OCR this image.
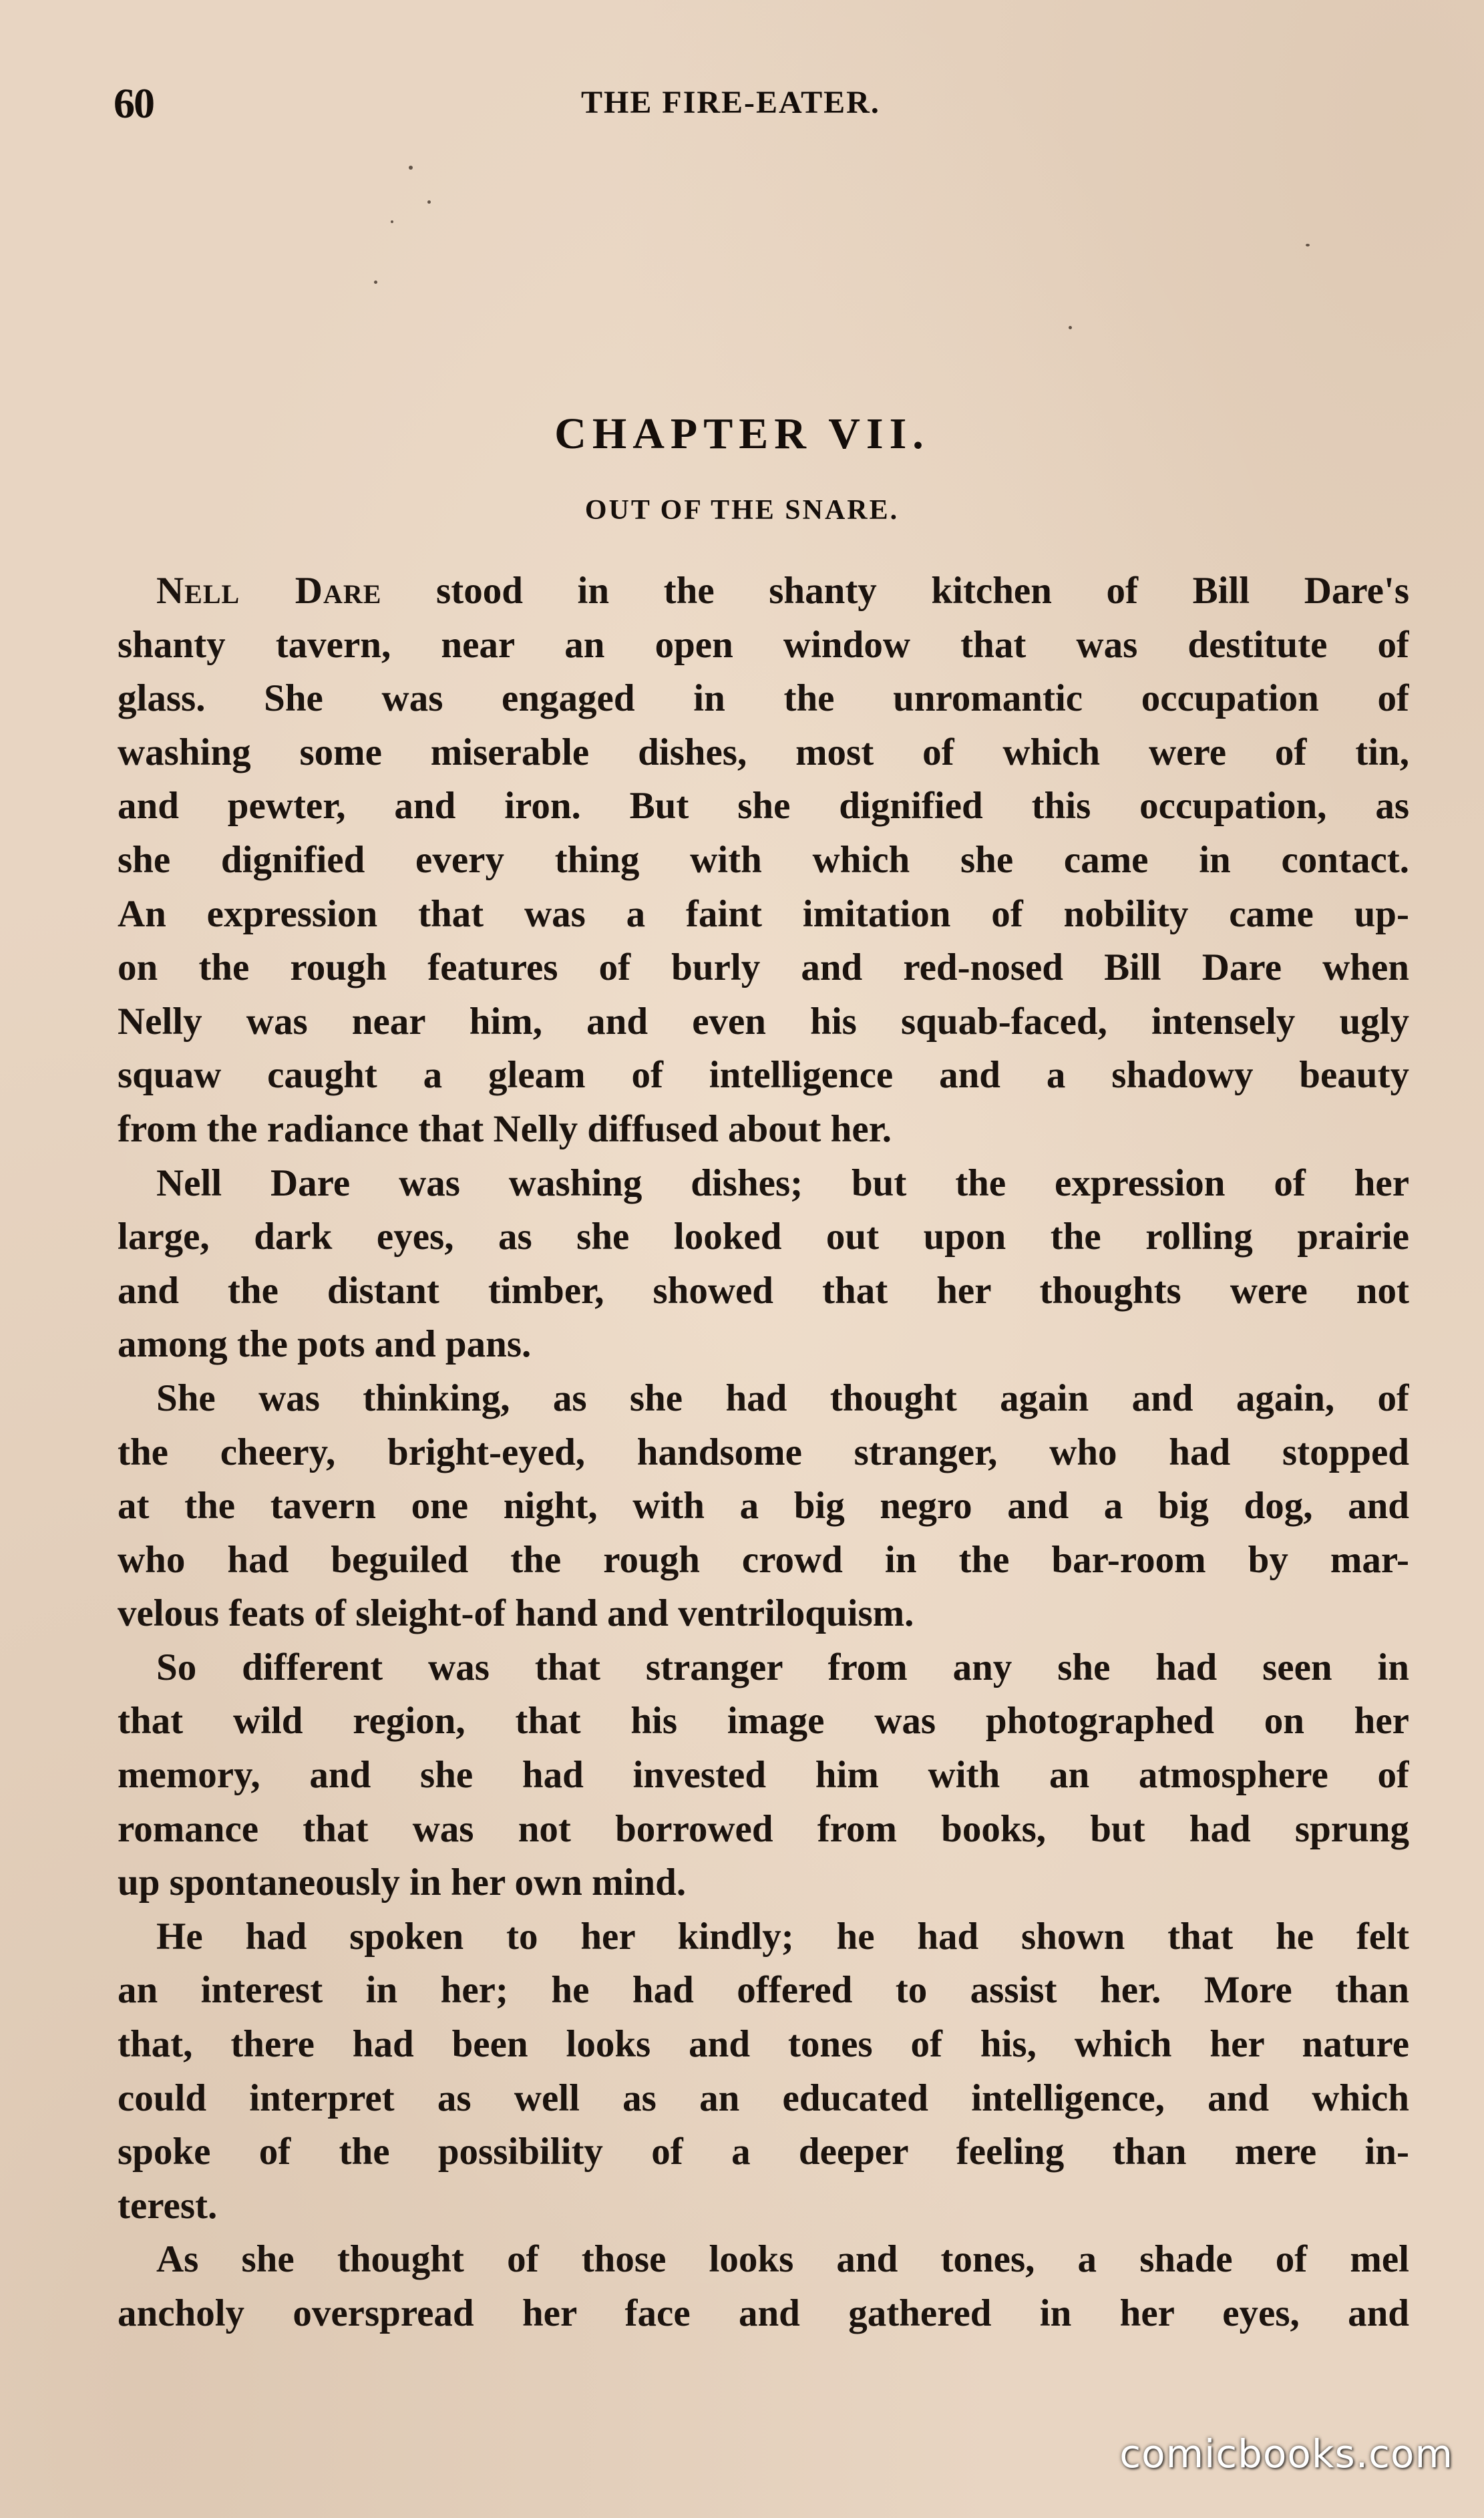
60	THE FIRE-EATER.
CHAPTER VII.
OUT OF THE SNARE.
Nell Dare stood in the shanty kitchen of Bill Dare's
shanty tavern, near an open window that was destitute of
glass. She was engaged in the unromantic occupation of
washing some miserable dishes, most of which were of tin,
and pewter, and iron. But she dignified this occupation, as
she dignified every thing with which she came in contact.
An expression that was a faint imitation of nobility came up-
on the rough features of burly and red-nosed Bill Dare when
Nelly was near him, and even his squab-faced, intensely ugly
squaw caught a gleam of intelligence and a shadowy beauty
from the radiance that Nelly diffused about her.
Nell Dare was washing dishes; but the expression of her
large, dark eyes, as she looked out upon the rolling prairie
and the distant timber, showed that her thoughts were not
among the pots and pans.
She was thinking, as she had thought again and again, of
the cheery, bright-eyed, handsome stranger, who had stopped
at the tavern one night, with a big negro and a big dog, and
who had beguiled the rough crowd in the bar-room by mar-
velous feats of sleight-of hand and ventriloquism.
So different was that stranger from any she had seen in
that wild region, that his image was photographed on her
memory, and she had invested him with an atmosphere of
romance that was not borrowed from books, but had sprung
up spontaneously in her own mind.
He had spoken to her kindly; he had shown that he felt
an interest in her; he had offered to assist her. More than
that, there had been looks and tones of his, which her nature
could interpret as well as an educated intelligence, and which
spoke of the possibility of a deeper feeling than mere in-
terest.
As she thought of those looks and tones, a shade of mel
ancholy overspread her face and gathered in her eyes, and
comicbooks.com
